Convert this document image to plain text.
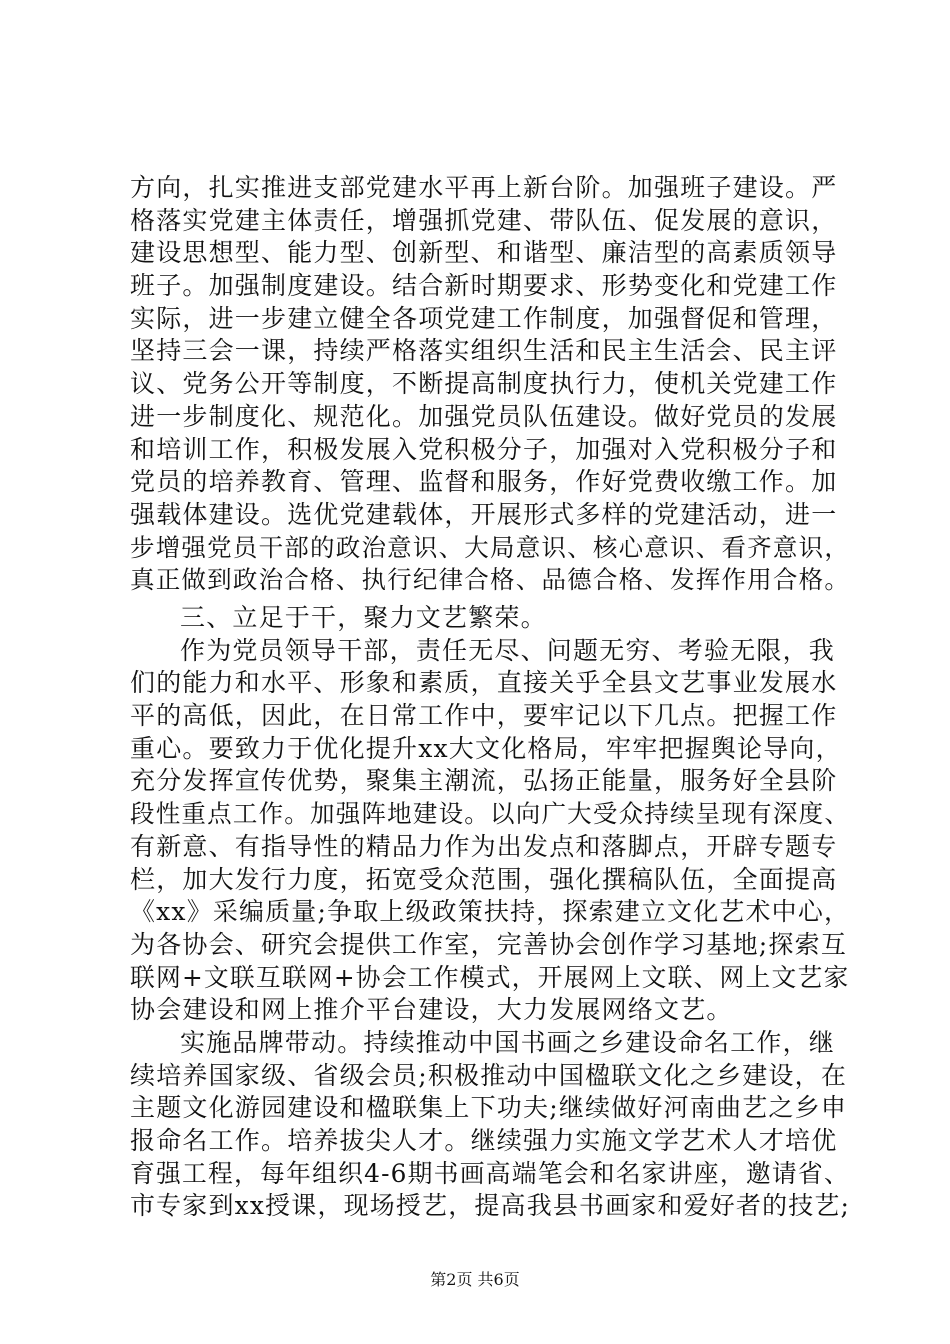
方向，扎实推进支部党建水平再上新台阶。加强班子建设。严
格落实党建主体责任，增强抓党建、带队伍、促发展的意识，
建设思想型、能力型、创新型、和谐型、廉洁型的高素质领导
班子。加强制度建设。结合新时期要求、形势变化和党建工作
实际，进一步建立健全各项党建工作制度，加强督促和管理，
坚持三会一课，持续严格落实组织生活和民主生活会、民主评
议、党务公开等制度，不断提高制度执行力，使机关党建工作
进一步制度化、规范化。加强党员队伍建设。做好党员的发展
和培训工作，积极发展入党积极分子，加强对入党积极分子和
党员的培养教育、管理、监督和服务，作好党费收缴工作。加
强载体建设。选优党建载体，开展形式多样的党建活动，进一
步增强党员干部的政治意识、大局意识、核心意识、看齐意识，
真正做到政治合格、执行纪律合格、品德合格、发挥作用合格。
三、立足于干，聚力文艺繁荣。
作为党员领导干部，责任无尽、问题无穷、考验无限，我
们的能力和水平、形象和素质，直接关乎全县文艺事业发展水
平的高低，因此，在日常工作中，要牢记以下几点。把握工作
重心。要致力于优化提升xx大文化格局，牢牢把握舆论导向，
充分发挥宣传优势，聚集主潮流，弘扬正能量，服务好全县阶
段性重点工作。加强阵地建设。以向广大受众持续呈现有深度、
有新意、有指导性的精品力作为出发点和落脚点，开辟专题专
栏，加大发行力度，拓宽受众范围，强化撰稿队伍，全面提高
《xx》采编质量;争取上级政策扶持，探索建立文化艺术中心，
为各协会、研究会提供工作室，完善协会创作学习基地;探索互
联网+文联互联网+协会工作模式，开展网上文联、网上文艺家
协会建设和网上推介平台建设，大力发展网络文艺。
实施品牌带动。持续推动中国书画之乡建设命名工作，继
续培养国家级、省级会员;积极推动中国楹联文化之乡建设，在
主题文化游园建设和楹联集上下功夫;继续做好河南曲艺之乡申
报命名工作。培养拔尖人才。继续强力实施文学艺术人才培优
育强工程，每年组织4-6期书画高端笔会和名家讲座，邀请省、
市专家到xx授课，现场授艺，提高我县书画家和爱好者的技艺;
第2页 共6页
